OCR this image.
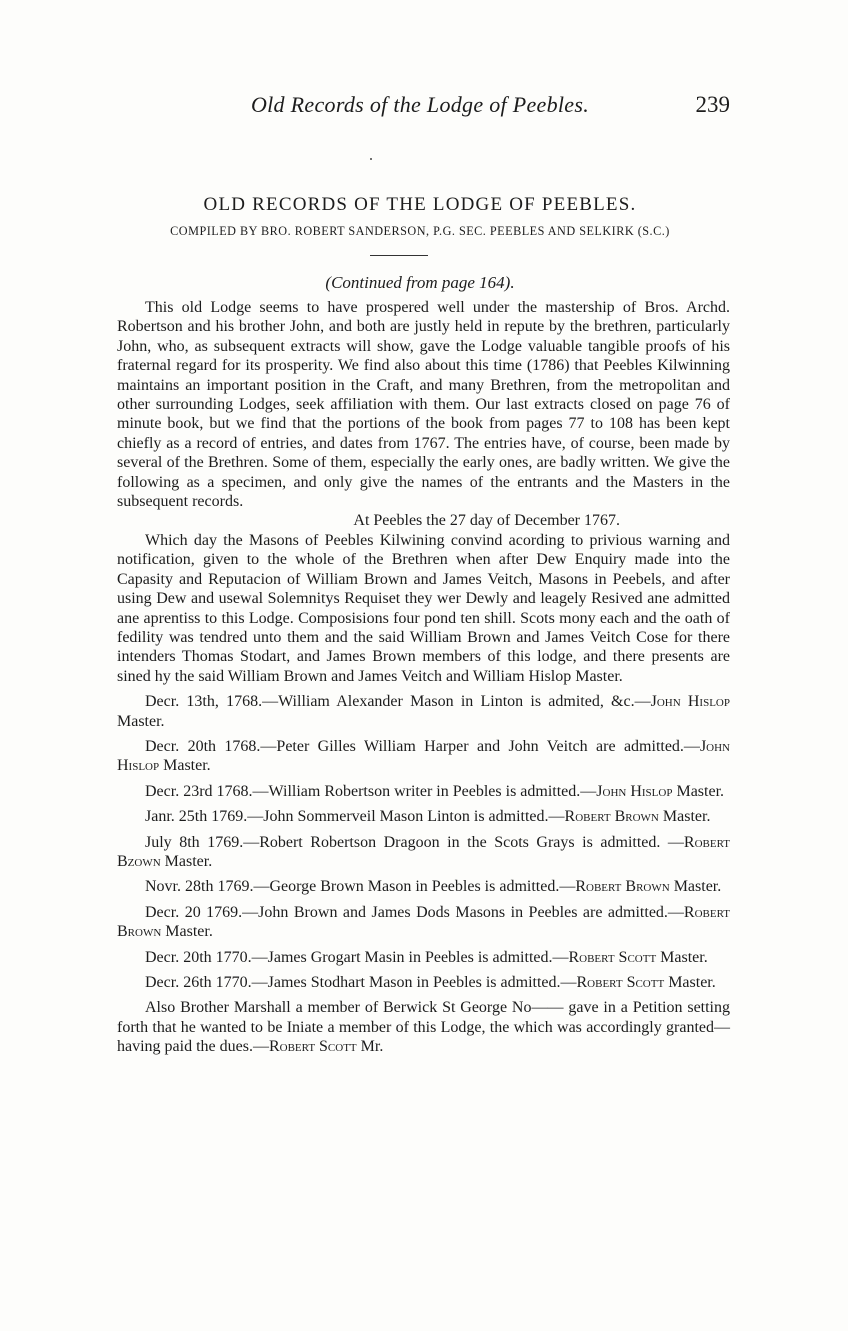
Old Records of the Lodge of Peebles.	239
OLD RECORDS OF THE LODGE OF PEEBLES.
COMPILED BY BRO. ROBERT SANDERSON, P.G. SEC. PEEBLES AND SELKIRK (S.C.)
(Continued from page 164).

This old Lodge seems to have prospered well under the mastership of Bros. Archd. Robertson and his brother John, and both are justly held in repute by the brethren, particularly John, who, as subsequent extracts will show, gave the Lodge valuable tangible proofs of his fraternal regard for its prosperity. We find also about this time (1786) that Peebles Kilwinning maintains an important position in the Craft, and many Brethren, from the metropolitan and other surrounding Lodges, seek affiliation with them. Our last extracts closed on page 76 of minute book, but we find that the portions of the book from pages 77 to 108 has been kept chiefly as a record of entries, and dates from 1767. The entries have, of course, been made by several of the Brethren. Some of them, especially the early ones, are badly written. We give the following as a specimen, and only give the names of the entrants and the Masters in the subsequent records.

At Peebles the 27 day of December 1767.

Which day the Masons of Peebles Kilwining convind acording to privious warning and notification, given to the whole of the Brethren when after Dew Enquiry made into the Capasity and Reputacion of William Brown and James Veitch, Masons in Peebels, and after using Dew and usewal Solemnitys Requiset they wer Dewly and leagely Resived ane admitted ane aprentiss to this Lodge. Composisions four pond ten shill. Scots mony each and the oath of fedility was tendred unto them and the said William Brown and James Veitch Cose for there intenders Thomas Stodart, and James Brown members of this lodge, and there presents are sined hy the said William Brown and James Veitch and William Hislop Master.

Decr. 13th, 1768.—William Alexander Mason in Linton is admited, &c.—John Hislop Master.

Decr. 20th 1768.—Peter Gilles William Harper and John Veitch are admitted.—John Hislop Master.

Decr. 23rd 1768.—William Robertson writer in Peebles is admitted.—John Hislop Master.

Janr. 25th 1769.—John Sommerveil Mason Linton is admitted.—Robert Brown Master.

July 8th 1769.—Robert Robertson Dragoon in the Scots Grays is admitted. —Robert Bzown Master.

Novr. 28th 1769.—George Brown Mason in Peebles is admitted.—Robert Brown Master.

Decr. 20 1769.—John Brown and James Dods Masons in Peebles are admitted.—Robert Brown Master.

Decr. 20th 1770.—James Grogart Masin in Peebles is admitted.—Robert Scott Master.

Decr. 26th 1770.—James Stodhart Mason in Peebles is admitted.—Robert Scott Master.

Also Brother Marshall a member of Berwick St George No—— gave in a Petition setting forth that he wanted to be Iniate a member of this Lodge, the which was accordingly granted—having paid the dues.—Robert Scott Mr.
